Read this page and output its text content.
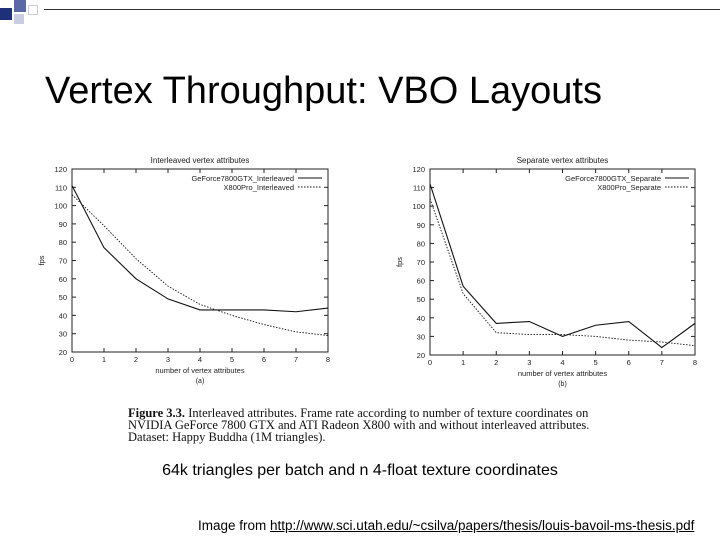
Vertex Throughput: VBO Layouts
Interleaved vertex attributes
20
30
40
50
60
70
80
90
100
110
120
0	1	2	3	4	5	6	7	8
number of vertex attributes
(a)
fps
GeForce7800GTX_Interleaved
X800Pro_Interleaved
Separate vertex attributes
20
30
40
50
60
70
80
90
100
110
120
0	1	2	3	4	5	6	7	8
number of vertex attributes
(b)
fps
GeForce7800GTX_Separate
X800Pro_Separate
Figure 3.3. Interleaved attributes. Frame rate according to number of texture coordinates on NVIDIA GeForce 7800 GTX and ATI Radeon X800 with and without interleaved attributes. Dataset: Happy Buddha (1M triangles).
64k triangles per batch and n 4-float texture coordinates
Image from http://www.sci.utah.edu/~csilva/papers/thesis/louis-bavoil-ms-thesis.pdf
